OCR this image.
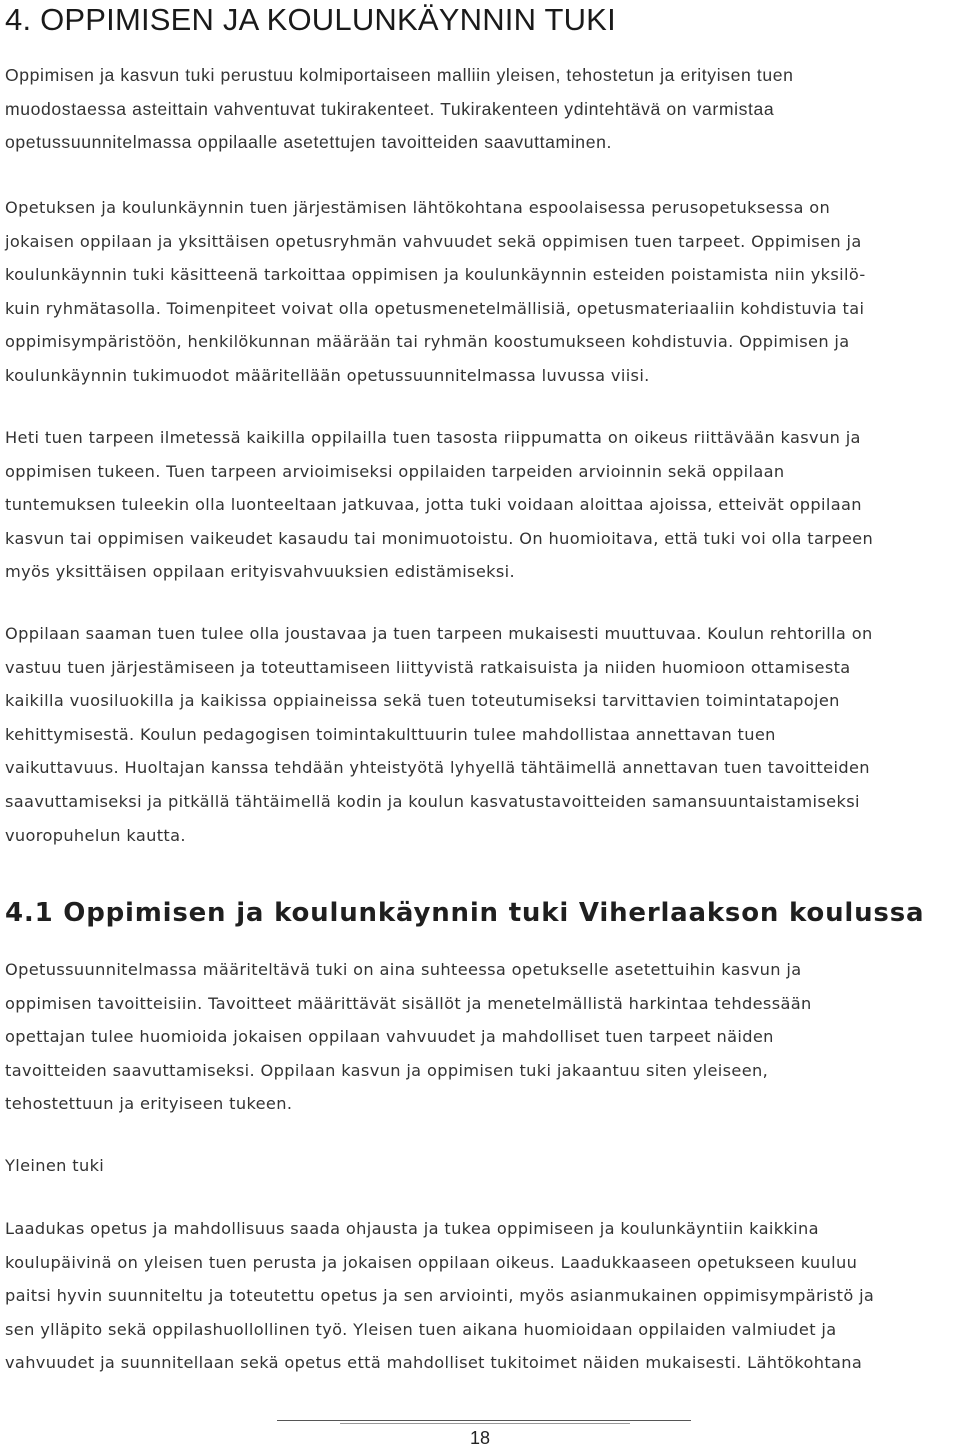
4. OPPIMISEN JA KOULUNKÄYNNIN TUKI

Oppimisen ja kasvun tuki perustuu kolmiportaiseen malliin yleisen, tehostetun ja erityisen tuen
muodostaessa asteittain vahventuvat tukirakenteet. Tukirakenteen ydintehtävä on varmistaa
opetussuunnitelmassa oppilaalle asetettujen tavoitteiden saavuttaminen.

Opetuksen ja koulunkäynnin tuen järjestämisen lähtökohtana espoolaisessa perusopetuksessa on
jokaisen oppilaan ja yksittäisen opetusryhmän vahvuudet sekä oppimisen tuen tarpeet. Oppimisen ja
koulunkäynnin tuki käsitteenä tarkoittaa oppimisen ja koulunkäynnin esteiden poistamista niin yksilö-
kuin ryhmätasolla. Toimenpiteet voivat olla opetusmenetelmällisiä, opetusmateriaaliin kohdistuvia tai
oppimisympäristöön, henkilökunnan määrään tai ryhmän koostumukseen kohdistuvia. Oppimisen ja
koulunkäynnin tukimuodot määritellään opetussuunnitelmassa luvussa viisi.

Heti tuen tarpeen ilmetessä kaikilla oppilailla tuen tasosta riippumatta on oikeus riittävään kasvun ja
oppimisen tukeen. Tuen tarpeen arvioimiseksi oppilaiden tarpeiden arvioinnin sekä oppilaan
tuntemuksen tuleekin olla luonteeltaan jatkuvaa, jotta tuki voidaan aloittaa ajoissa, etteivät oppilaan
kasvun tai oppimisen vaikeudet kasaudu tai monimuotoistu. On huomioitava, että tuki voi olla tarpeen
myös yksittäisen oppilaan erityisvahvuuksien edistämiseksi.

Oppilaan saaman tuen tulee olla joustavaa ja tuen tarpeen mukaisesti muuttuvaa. Koulun rehtorilla on
vastuu tuen järjestämiseen ja toteuttamiseen liittyvistä ratkaisuista ja niiden huomioon ottamisesta
kaikilla vuosiluokilla ja kaikissa oppiaineissa sekä tuen toteutumiseksi tarvittavien toimintatapojen
kehittymisestä. Koulun pedagogisen toimintakulttuurin tulee mahdollistaa annettavan tuen
vaikuttavuus. Huoltajan kanssa tehdään yhteistyötä lyhyellä tähtäimellä annettavan tuen tavoitteiden
saavuttamiseksi ja pitkällä tähtäimellä kodin ja koulun kasvatustavoitteiden samansuuntaistamiseksi
vuoropuhelun kautta.

4.1 Oppimisen ja koulunkäynnin tuki Viherlaakson koulussa

Opetussuunnitelmassa määriteltävä tuki on aina suhteessa opetukselle asetettuihin kasvun ja
oppimisen tavoitteisiin. Tavoitteet määrittävät sisällöt ja menetelmällistä harkintaa tehdessään
opettajan tulee huomioida jokaisen oppilaan vahvuudet ja mahdolliset tuen tarpeet näiden
tavoitteiden saavuttamiseksi. Oppilaan kasvun ja oppimisen tuki jakaantuu siten yleiseen,
tehostettuun ja erityiseen tukeen.

Yleinen tuki

Laadukas opetus ja mahdollisuus saada ohjausta ja tukea oppimiseen ja koulunkäyntiin kaikkina
koulupäivinä on yleisen tuen perusta ja jokaisen oppilaan oikeus. Laadukkaaseen opetukseen kuuluu
paitsi hyvin suunniteltu ja toteutettu opetus ja sen arviointi, myös asianmukainen oppimisympäristö ja
sen ylläpito sekä oppilashuollollinen työ. Yleisen tuen aikana huomioidaan oppilaiden valmiudet ja
vahvuudet ja suunnitellaan sekä opetus että mahdolliset tukitoimet näiden mukaisesti. Lähtökohtana

18
